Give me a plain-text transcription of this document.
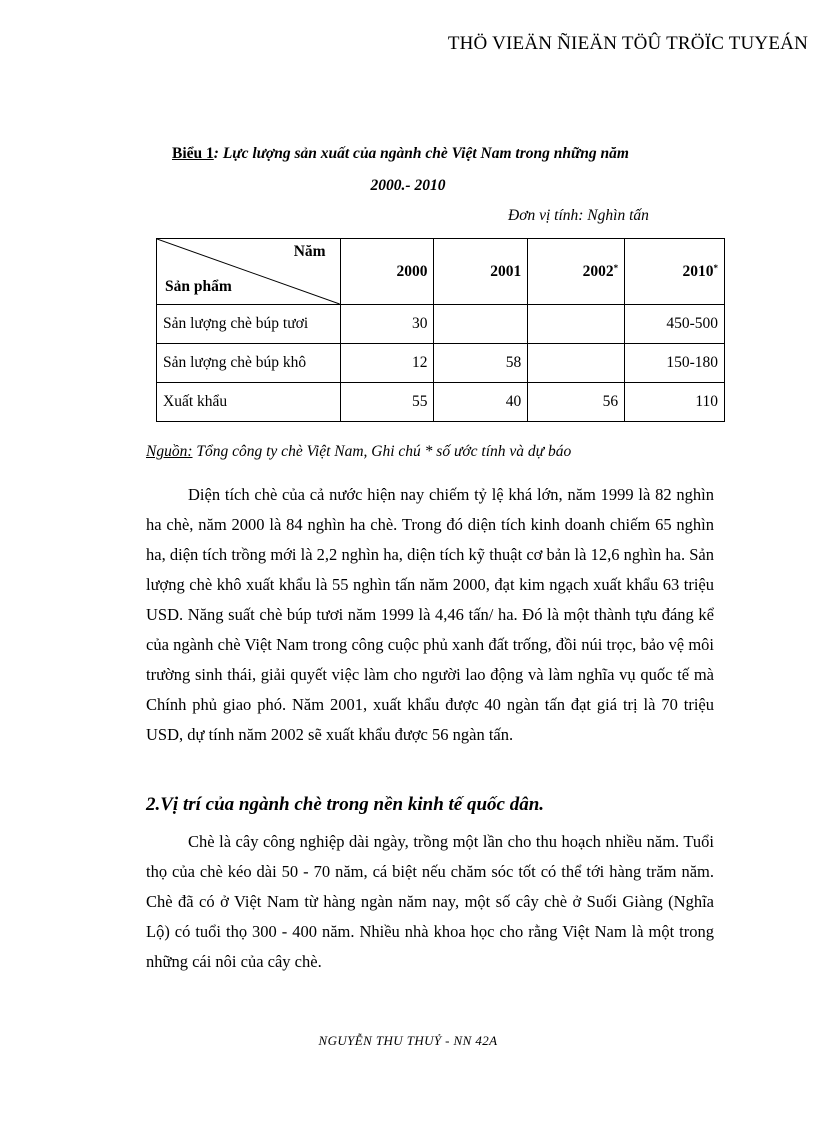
THÖ VIEÄN ÑIEÄN TÖÛ TRÖÏC TUYEÁN
Biểu 1: Lực lượng sản xuất của ngành chè Việt Nam trong những năm
2000.- 2010
Đơn vị tính: Nghìn tấn
Năm
Sản phẩm	2000	2001	2002*	2010*
Sản lượng chè búp tươi	30			450-500
Sản lượng chè búp khô	12	58		150-180
Xuất khẩu	55	40	56	110
Nguồn: Tổng công ty chè Việt Nam, Ghi chú * số ước tính và dự báo

Diện tích chè của cả nước hiện nay chiếm tỷ lệ khá lớn, năm 1999 là 82 nghìn ha chè, năm 2000 là 84 nghìn ha chè. Trong đó diện tích kinh doanh chiếm 65 nghìn ha, diện tích trồng mới là 2,2 nghìn ha, diện tích kỹ thuật cơ bản là 12,6 nghìn ha. Sản lượng chè khô xuất khẩu là 55 nghìn tấn năm 2000, đạt kim ngạch xuất khẩu 63 triệu USD. Năng suất chè búp tươi năm 1999 là 4,46 tấn/ ha. Đó là một thành tựu đáng kể của ngành chè Việt Nam trong công cuộc phủ xanh đất trống, đồi núi trọc, bảo vệ môi trường sinh thái, giải quyết việc làm cho người lao động và làm nghĩa vụ quốc tế mà Chính phủ giao phó. Năm 2001, xuất khẩu được 40 ngàn tấn đạt giá trị là 70 triệu USD, dự tính năm 2002 sẽ xuất khẩu được 56 ngàn tấn.

2.Vị trí của ngành chè trong nền kinh tế quốc dân.

Chè là cây công nghiệp dài ngày, trồng một lần cho thu hoạch nhiều năm. Tuổi thọ của chè kéo dài 50 - 70 năm, cá biệt nếu chăm sóc tốt có thể tới hàng trăm năm. Chè đã có ở Việt Nam từ hàng ngàn năm nay, một số cây chè ở Suối Giàng (Nghĩa Lộ) có tuổi thọ 300 - 400 năm. Nhiều nhà khoa học cho rằng Việt Nam là một trong những cái nôi của cây chè.

NGUYỄN THU THUỶ - NN 42A
